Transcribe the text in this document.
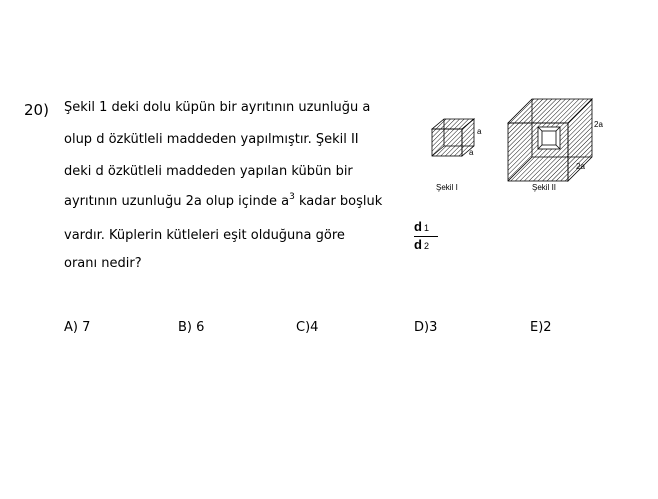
20) Şekil 1 deki dolu küpün bir ayrıtının uzunluğu a
olup d özkütleli maddeden yapılmıştır. Şekil II
deki d özkütleli maddeden yapılan kübün bir
ayrıtının uzunluğu 2a olup içinde $a^3$ kadar boşluk
vardır. Küplerin kütleleri eşit olduğuna göre
oranı nedir?
$\frac{d 1}{d 2}$
a
a
2a
2a
Şekil I	Şekil II
A) 7	B) 6	C)4	D)3	E)2
